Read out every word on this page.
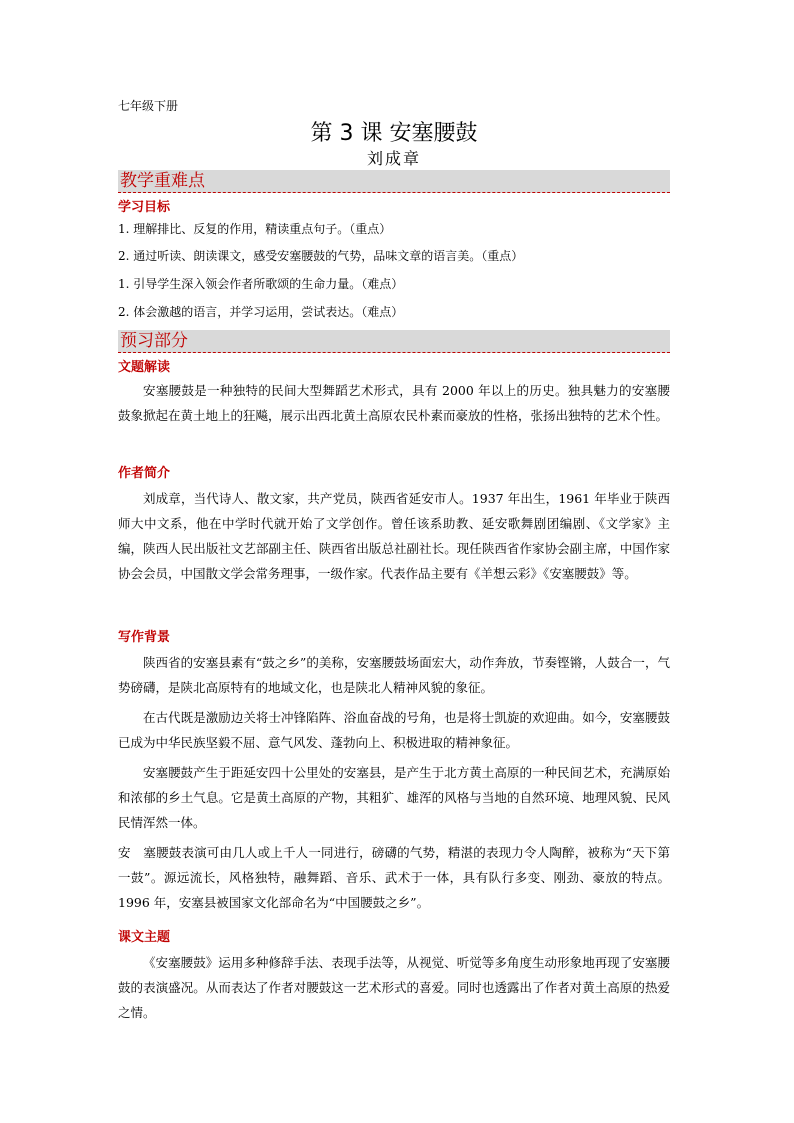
七年级下册
第 3 课 安塞腰鼓
刘成章
教学重难点
学习目标
1. 理解排比、反复的作用，精读重点句子。（重点）
2. 通过听读、朗读课文，感受安塞腰鼓的气势，品味文章的语言美。（重点）
1. 引导学生深入领会作者所歌颂的生命力量。（难点）
2. 体会激越的语言，并学习运用，尝试表达。（难点）
预习部分
文题解读

安塞腰鼓是一种独特的民间大型舞蹈艺术形式，具有 2000 年以上的历史。独具魅力的安塞腰鼓象掀起在黄土地上的狂飚，展示出西北黄土高原农民朴素而豪放的性格，张扬出独特的艺术个性。

作者简介

刘成章，当代诗人、散文家，共产党员，陕西省延安市人。1937 年出生，1961 年毕业于陕西师大中文系，他在中学时代就开始了文学创作。曾任该系助教、延安歌舞剧团编剧、《文学家》主编，陕西人民出版社文艺部副主任、陕西省出版总社副社长。现任陕西省作家协会副主席，中国作家协会会员，中国散文学会常务理事，一级作家。代表作品主要有《羊想云彩》《安塞腰鼓》等。

写作背景

陕西省的安塞县素有“鼓之乡”的美称，安塞腰鼓场面宏大，动作奔放，节奏铿锵，人鼓合一，气势磅礴，是陕北高原特有的地域文化，也是陕北人精神风貌的象征。

在古代既是激励边关将士冲锋陷阵、浴血奋战的号角，也是将士凯旋的欢迎曲。如今，安塞腰鼓已成为中华民族坚毅不屈、意气风发、蓬勃向上、积极进取的精神象征。

安塞腰鼓产生于距延安四十公里处的安塞县，是产生于北方黄土高原的一种民间艺术，充满原始和浓郁的乡土气息。它是黄土高原的产物，其粗犷、雄浑的风格与当地的自然环境、地理风貌、民风民情浑然一体。

安　塞腰鼓表演可由几人或上千人一同进行，磅礴的气势，精湛的表现力令人陶醉，被称为“天下第一鼓”。源远流长，风格独特，融舞蹈、音乐、武术于一体，具有队行多变、刚劲、豪放的特点。1996 年，安塞县被国家文化部命名为“中国腰鼓之乡”。

课文主题

《安塞腰鼓》运用多种修辞手法、表现手法等，从视觉、听觉等多角度生动形象地再现了安塞腰鼓的表演盛况。从而表达了作者对腰鼓这一艺术形式的喜爱。同时也透露出了作者对黄土高原的热爱之情。
